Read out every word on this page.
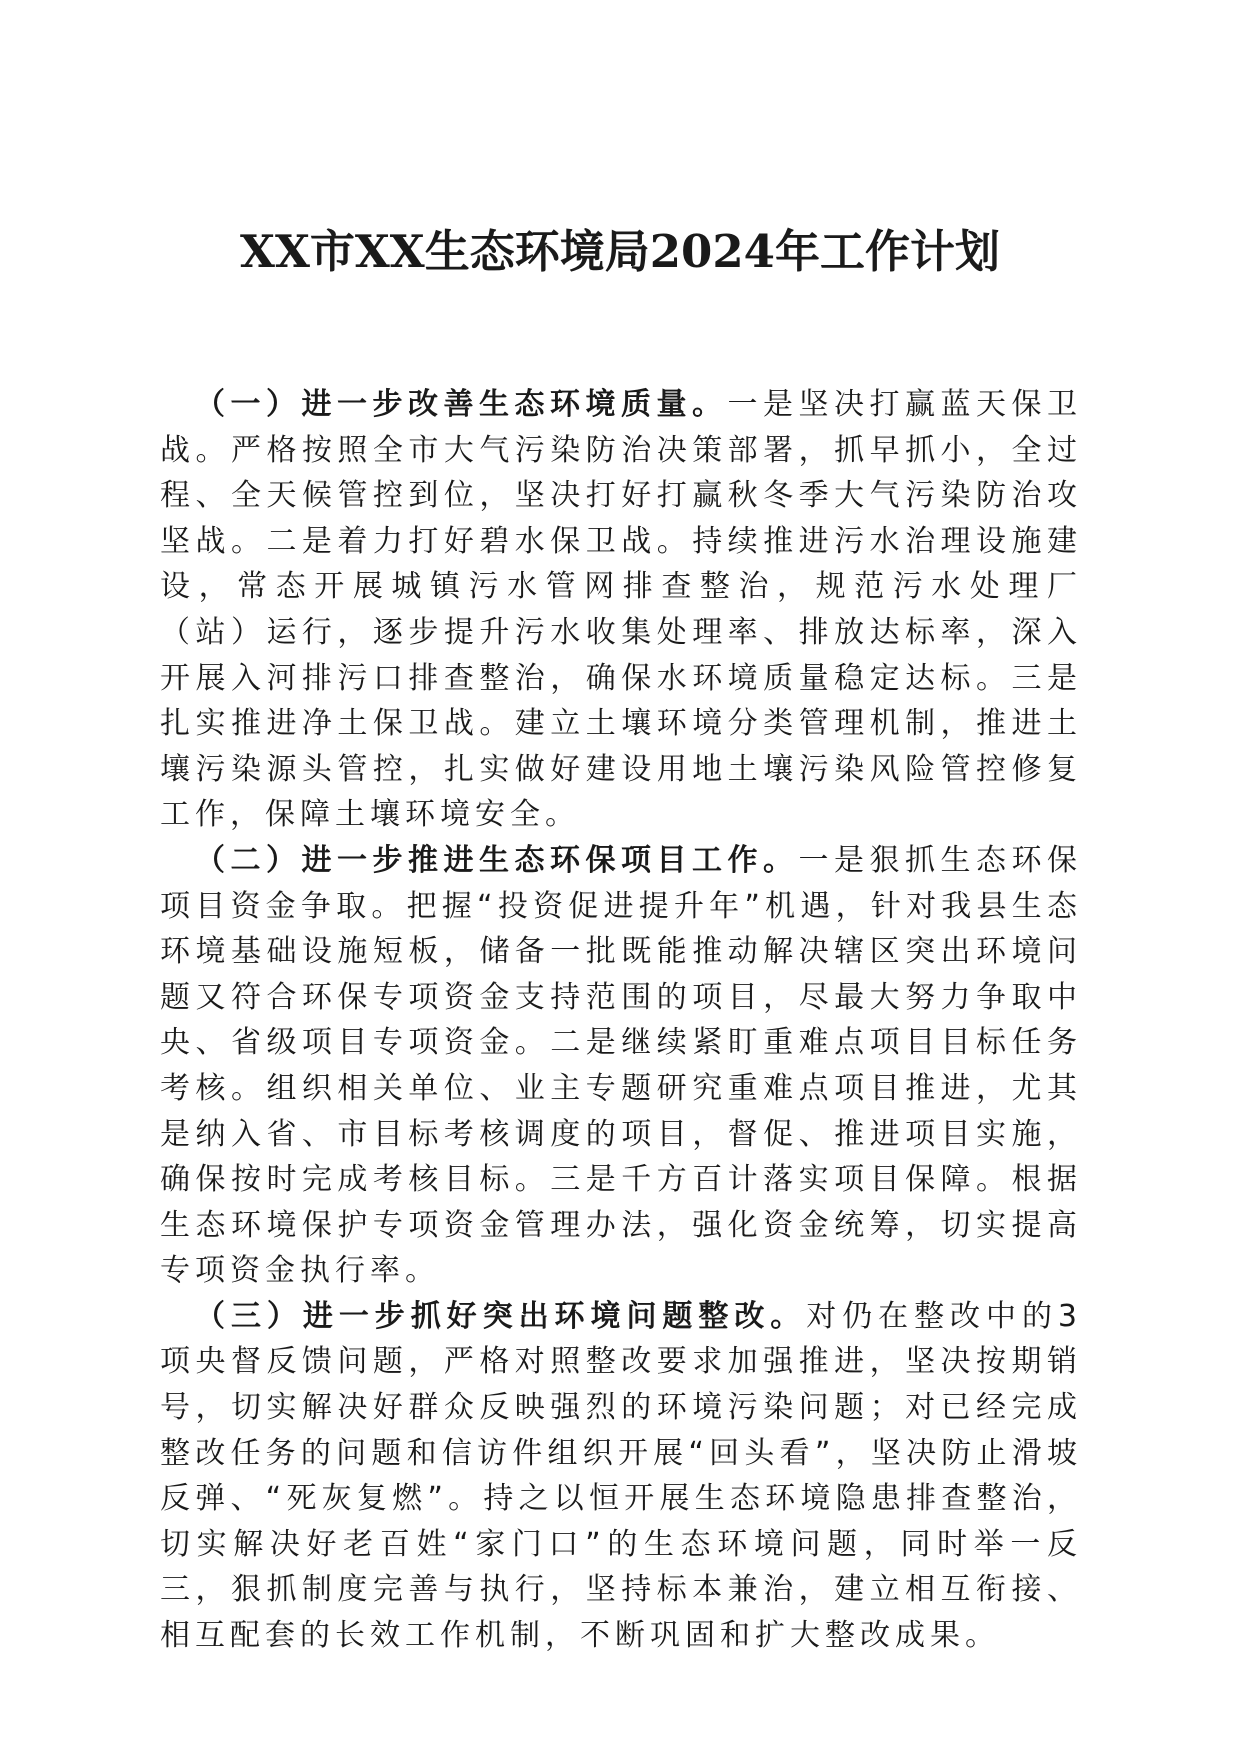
XX市XX生态环境局2024年工作计划

（一）进一步改善生态环境质量。一是坚决打赢蓝天保卫战。严格按照全市大气污染防治决策部署，抓早抓小，全过程、全天候管控到位，坚决打好打赢秋冬季大气污染防治攻坚战。二是着力打好碧水保卫战。持续推进污水治理设施建设，常态开展城镇污水管网排查整治，规范污水处理厂（站）运行，逐步提升污水收集处理率、排放达标率，深入开展入河排污口排查整治，确保水环境质量稳定达标。三是扎实推进净土保卫战。建立土壤环境分类管理机制，推进土壤污染源头管控，扎实做好建设用地土壤污染风险管控修复工作，保障土壤环境安全。

（二）进一步推进生态环保项目工作。一是狠抓生态环保项目资金争取。把握“投资促进提升年”机遇，针对我县生态环境基础设施短板，储备一批既能推动解决辖区突出环境问题又符合环保专项资金支持范围的项目，尽最大努力争取中央、省级项目专项资金。二是继续紧盯重难点项目目标任务考核。组织相关单位、业主专题研究重难点项目推进，尤其是纳入省、市目标考核调度的项目，督促、推进项目实施，确保按时完成考核目标。三是千方百计落实项目保障。根据生态环境保护专项资金管理办法，强化资金统筹，切实提高专项资金执行率。

（三）进一步抓好突出环境问题整改。对仍在整改中的3项央督反馈问题，严格对照整改要求加强推进，坚决按期销号，切实解决好群众反映强烈的环境污染问题；对已经完成整改任务的问题和信访件组织开展“回头看”，坚决防止滑坡反弹、“死灰复燃”。持之以恒开展生态环境隐患排查整治，切实解决好老百姓“家门口”的生态环境问题，同时举一反三，狠抓制度完善与执行，坚持标本兼治，建立相互衔接、相互配套的长效工作机制，不断巩固和扩大整改成果。
